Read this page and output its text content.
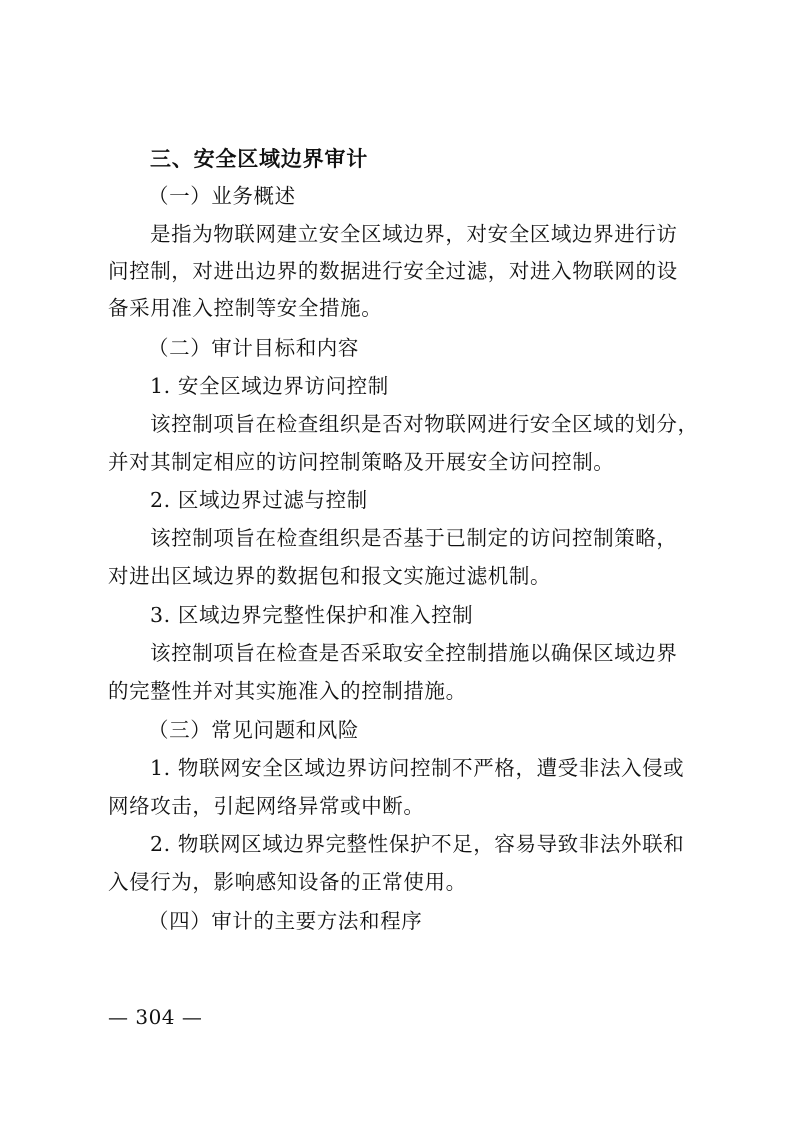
三、安全区域边界审计
（一）业务概述
是指为物联网建立安全区域边界，对安全区域边界进行访
问控制，对进出边界的数据进行安全过滤，对进入物联网的设
备采用准入控制等安全措施。
（二）审计目标和内容
1. 安全区域边界访问控制
该控制项旨在检查组织是否对物联网进行安全区域的划分，
并对其制定相应的访问控制策略及开展安全访问控制。
2. 区域边界过滤与控制
该控制项旨在检查组织是否基于已制定的访问控制策略，
对进出区域边界的数据包和报文实施过滤机制。
3. 区域边界完整性保护和准入控制
该控制项旨在检查是否采取安全控制措施以确保区域边界
的完整性并对其实施准入的控制措施。
（三）常见问题和风险
1. 物联网安全区域边界访问控制不严格，遭受非法入侵或
网络攻击，引起网络异常或中断。
2. 物联网区域边界完整性保护不足，容易导致非法外联和
入侵行为，影响感知设备的正常使用。
（四）审计的主要方法和程序
— 304 —
